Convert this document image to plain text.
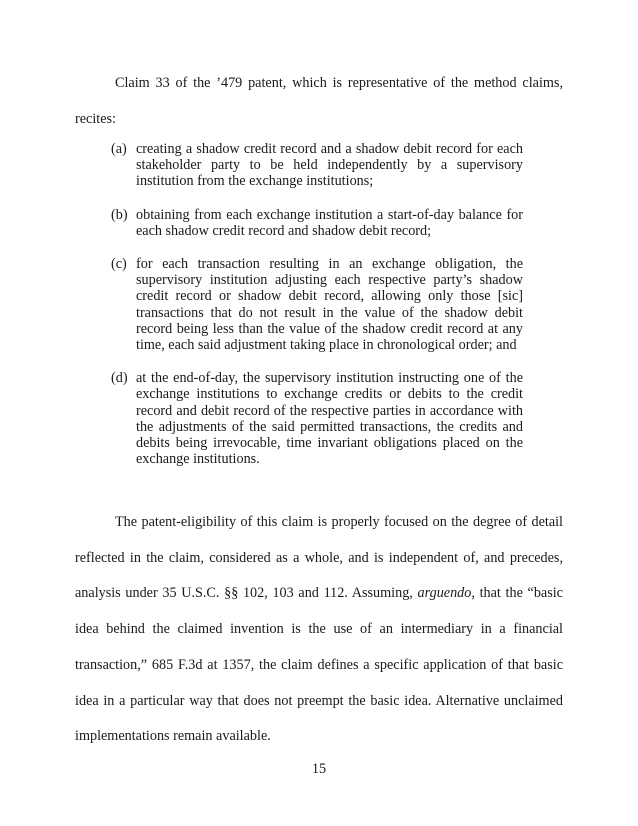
Claim 33 of the ’479 patent, which is representative of the method claims, recites:

(a) creating a shadow credit record and a shadow debit record for each stakeholder party to be held independently by a supervisory institution from the exchange institutions;
(b) obtaining from each exchange institution a start-of-day balance for each shadow credit record and shadow debit record;
(c) for each transaction resulting in an exchange obligation, the supervisory institution adjusting each respective party’s shadow credit record or shadow debit record, allowing only those [sic] transactions that do not result in the value of the shadow debit record being less than the value of the shadow credit record at any time, each said adjustment taking place in chronological order; and
(d) at the end-of-day, the supervisory institution instructing one of the exchange institutions to exchange credits or debits to the credit record and debit record of the respective parties in accordance with the adjustments of the said permitted transactions, the credits and debits being irrevocable, time invariant obligations placed on the exchange institutions.

The patent-eligibility of this claim is properly focused on the degree of detail reflected in the claim, considered as a whole, and is independent of, and precedes, analysis under 35 U.S.C. §§ 102, 103 and 112. Assuming, arguendo, that the “basic idea behind the claimed invention is the use of an intermediary in a financial transaction,” 685 F.3d at 1357, the claim defines a specific application of that basic idea in a particular way that does not preempt the basic idea. Alternative unclaimed implementations remain available.

15
